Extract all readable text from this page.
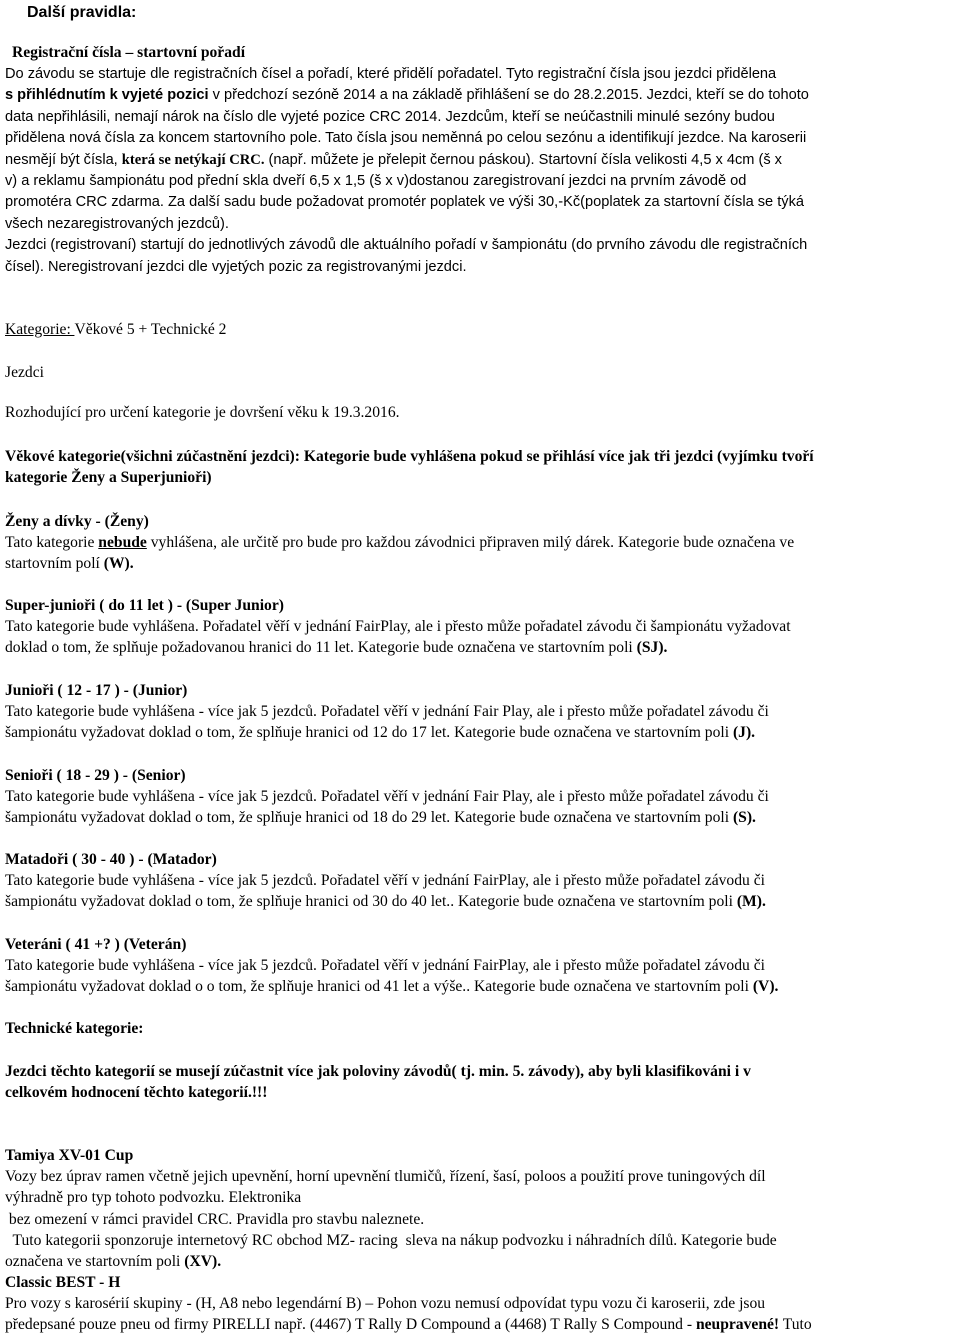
Další pravidla:

Registrační čísla – startovní pořadí

Do závodu se startuje dle registračních čísel a pořadí, které přidělí pořadatel. Tyto registrační čísla jsou jezdci přidělena

s přihlédnutím k vyjeté pozici v předchozí sezóně 2014 a na základě přihlášení se do 28.2.2015. Jezdci, kteří se do tohoto

data nepřihlásili, nemají nárok na číslo dle vyjeté pozice CRC 2014. Jezdcům, kteří se neúčastnili minulé sezóny budou

přidělena nová čísla za koncem startovního pole. Tato čísla jsou neměnná po celou sezónu a identifikují jezdce. Na karoserii

nesmějí být čísla, která se netýkají CRC. (např. můžete je přelepit černou páskou). Startovní čísla velikosti 4,5 x 4cm (š x

v) a reklamu šampionátu pod přední skla dveří 6,5 x 1,5 (š x v)dostanou zaregistrovaní jezdci na prvním závodě od

promotéra CRC zdarma. Za další sadu bude požadovat promotér poplatek ve výši 30,-Kč(poplatek za startovní čísla se týká

všech nezaregistrovaných jezdců).

Jezdci (registrovaní) startují do jednotlivých závodů dle aktuálního pořadí v šampionátu (do prvního závodu dle registračních

čísel). Neregistrovaní jezdci dle vyjetých pozic za registrovanými jezdci.

Kategorie: Věkové 5 + Technické 2
Jezdci
Rozhodující pro určení kategorie je dovršení věku k 19.3.2016.

Věkové kategorie(všichni zúčastnění jezdci): Kategorie bude vyhlášena pokud se přihlásí více jak tři jezdci (vyjímku tvoří

kategorie Ženy a Superjunioři)

Ženy a dívky - (Ženy)

Tato kategorie nebude vyhlášena, ale určitě pro bude pro každou závodnici připraven milý dárek. Kategorie bude označena ve

startovním polí (W).

Super-junioři ( do 11 let ) - (Super Junior)

Tato kategorie bude vyhlášena. Pořadatel věří v jednání FairPlay, ale i přesto může pořadatel závodu či šampionátu vyžadovat

doklad o tom, že splňuje požadovanou hranici do 11 let. Kategorie bude označena ve startovním poli (SJ).

Junioři ( 12 - 17 ) - (Junior)

Tato kategorie bude vyhlášena - více jak 5 jezdců. Pořadatel věří v jednání Fair Play, ale i přesto může pořadatel závodu či

šampionátu vyžadovat doklad o tom, že splňuje hranici od 12 do 17 let. Kategorie bude označena ve startovním poli (J).

Senioři ( 18 - 29 ) - (Senior)

Tato kategorie bude vyhlášena - více jak 5 jezdců. Pořadatel věří v jednání Fair Play, ale i přesto může pořadatel závodu či

šampionátu vyžadovat doklad o tom, že splňuje hranici od 18 do 29 let. Kategorie bude označena ve startovním poli (S).

Matadoři ( 30 - 40 ) - (Matador)

Tato kategorie bude vyhlášena - více jak 5 jezdců. Pořadatel věří v jednání FairPlay, ale i přesto může pořadatel závodu či

šampionátu vyžadovat doklad o tom, že splňuje hranici od 30 do 40 let.. Kategorie bude označena ve startovním poli (M).

Veteráni ( 41 +? ) (Veterán)

Tato kategorie bude vyhlášena - více jak 5 jezdců. Pořadatel věří v jednání FairPlay, ale i přesto může pořadatel závodu či

šampionátu vyžadovat doklad o o tom, že splňuje hranici od 41 let a výše.. Kategorie bude označena ve startovním poli (V).

Technické kategorie:

Jezdci těchto kategorií se musejí zúčastnit více jak poloviny závodů( tj. min. 5. závody), aby byli klasifikováni i v

celkovém hodnocení těchto kategorií.!!!

Tamiya XV-01 Cup

Vozy bez úprav ramen včetně jejich upevnění, horní upevnění tlumičů, řízení, šasí, poloos a použití prove tuningových díl

výhradně pro typ tohoto podvozku. Elektronika

bez omezení v rámci pravidel CRC. Pravidla pro stavbu naleznete.

Tuto kategorii sponzoruje internetový RC obchod MZ- racing  sleva na nákup podvozku i náhradních dílů. Kategorie bude

označena ve startovním poli (XV).

Classic BEST - H

Pro vozy s karosérií skupiny - (H, A8 nebo legendární B) – Pohon vozu nemusí odpovídat typu vozu či karoserii, zde jsou

předepsané pouze pneu od firmy PIRELLI např. (4467) T Rally D Compound a (4468) T Rally S Compound - neupravené! Tuto
